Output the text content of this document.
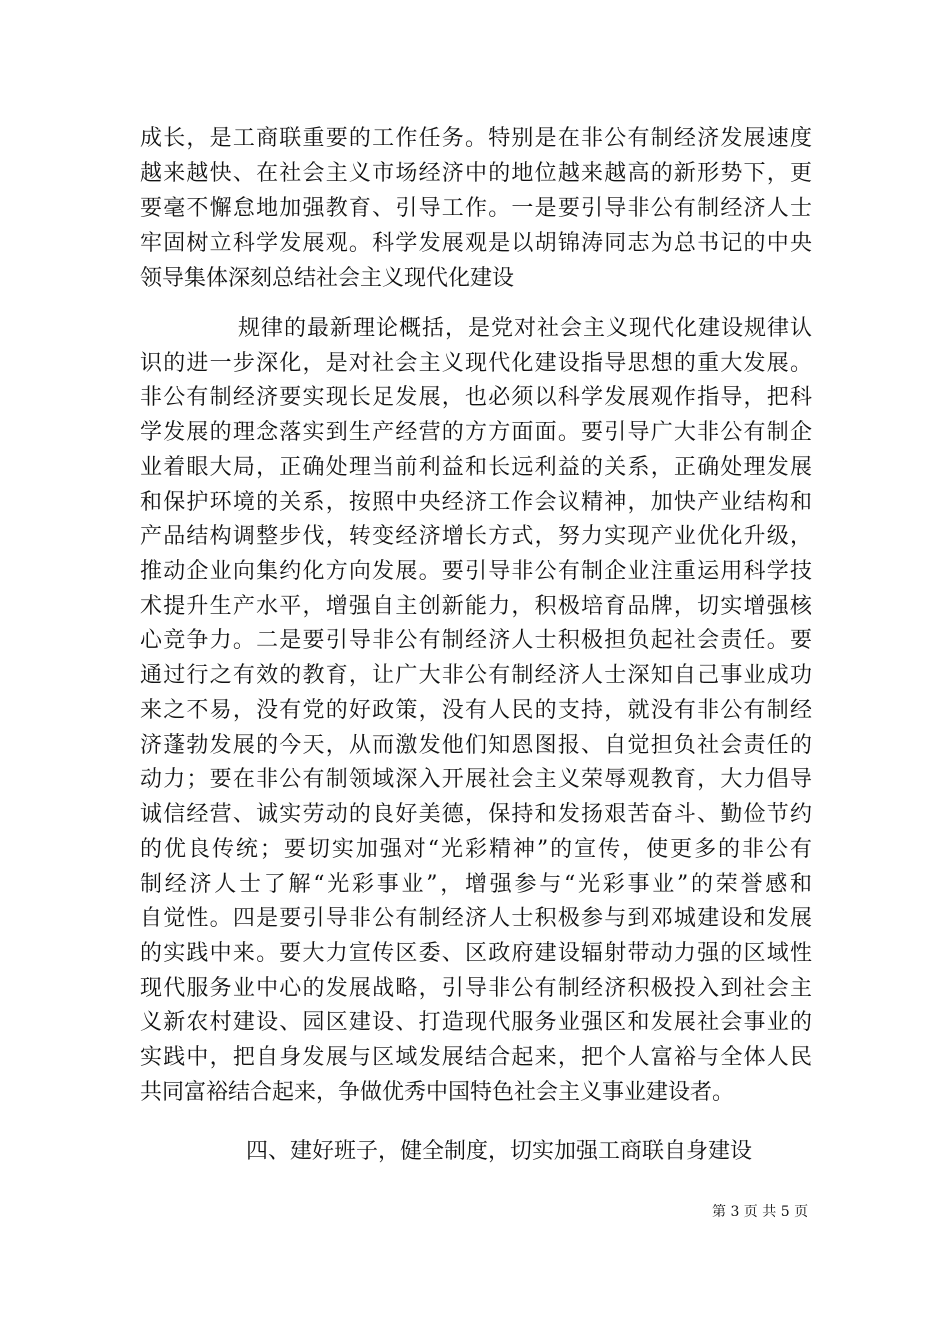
成长，是工商联重要的工作任务。特别是在非公有制经济发展速度
越来越快、在社会主义市场经济中的地位越来越高的新形势下，更
要毫不懈怠地加强教育、引导工作。一是要引导非公有制经济人士
牢固树立科学发展观。科学发展观是以胡锦涛同志为总书记的中央
领导集体深刻总结社会主义现代化建设
规律的最新理论概括，是党对社会主义现代化建设规律认
识的进一步深化，是对社会主义现代化建设指导思想的重大发展。
非公有制经济要实现长足发展，也必须以科学发展观作指导，把科
学发展的理念落实到生产经营的方方面面。要引导广大非公有制企
业着眼大局，正确处理当前利益和长远利益的关系，正确处理发展
和保护环境的关系，按照中央经济工作会议精神，加快产业结构和
产品结构调整步伐，转变经济增长方式，努力实现产业优化升级，
推动企业向集约化方向发展。要引导非公有制企业注重运用科学技
术提升生产水平，增强自主创新能力，积极培育品牌，切实增强核
心竞争力。二是要引导非公有制经济人士积极担负起社会责任。要
通过行之有效的教育，让广大非公有制经济人士深知自己事业成功
来之不易，没有党的好政策，没有人民的支持，就没有非公有制经
济蓬勃发展的今天，从而激发他们知恩图报、自觉担负社会责任的
动力；要在非公有制领域深入开展社会主义荣辱观教育，大力倡导
诚信经营、诚实劳动的良好美德，保持和发扬艰苦奋斗、勤俭节约
的优良传统；要切实加强对“光彩精神”的宣传，使更多的非公有
制经济人士了解“光彩事业”，增强参与“光彩事业”的荣誉感和
自觉性。四是要引导非公有制经济人士积极参与到邓城建设和发展
的实践中来。要大力宣传区委、区政府建设辐射带动力强的区域性
现代服务业中心的发展战略，引导非公有制经济积极投入到社会主
义新农村建设、园区建设、打造现代服务业强区和发展社会事业的
实践中，把自身发展与区域发展结合起来，把个人富裕与全体人民
共同富裕结合起来，争做优秀中国特色社会主义事业建设者。
四、建好班子，健全制度，切实加强工商联自身建设
第 3 页 共 5 页
